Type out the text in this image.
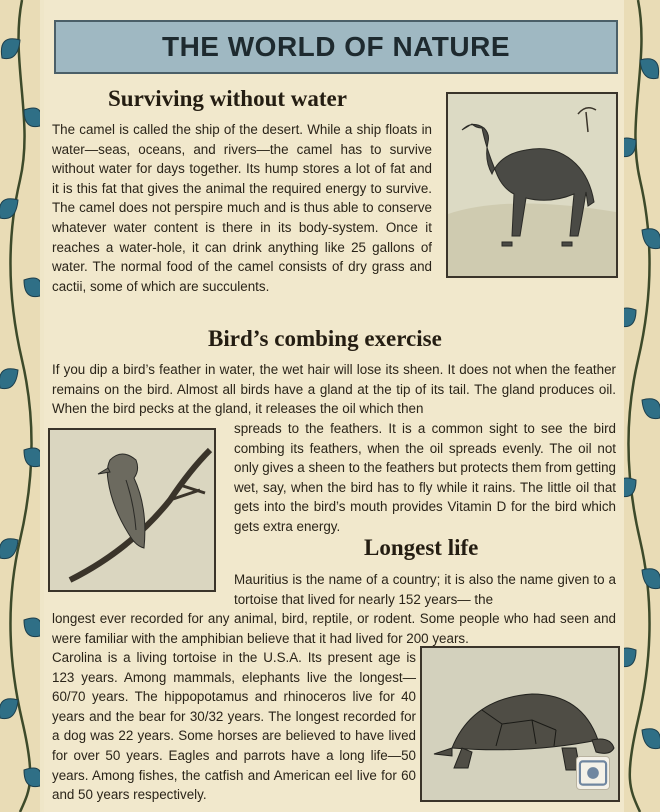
THE WORLD OF NATURE
Surviving without water

The camel is called the ship of the desert. While a ship floats in water—seas, oceans, and rivers—the camel has to survive without water for days together. Its hump stores a lot of fat and it is this fat that gives the animal the required energy to survive. The camel does not perspire much and is thus able to conserve whatever water content is there in its body-system. Once it reaches a water-hole, it can drink anything like 25 gallons of water. The normal food of the camel consists of dry grass and cactii, some of which are succulents.

Bird’s combing exercise

If you dip a bird’s feather in water, the wet hair will lose its sheen. It does not when the feather remains on the bird. Almost all birds have a gland at the tip of its tail. The gland produces oil. When the bird pecks at the gland, it releases the oil which then

spreads to the feathers. It is a common sight to see the bird combing its feathers, when the oil spreads evenly. The oil not only gives a sheen to the feathers but protects them from getting wet, say, when the bird has to fly while it rains. The little oil that gets into the bird’s mouth provides Vitamin D for the bird which gets extra energy.

Longest life

Mauritius is the name of a country; it is also the name given to a tortoise that lived for nearly 152 years— the

longest ever recorded for any animal, bird, reptile, or rodent. Some people who had seen and were familiar with the amphibian believe that it had lived for 200 years.

Carolina is a living tortoise in the U.S.A. Its present age is 123 years. Among mammals, elephants live the longest—60/70 years. The hippopotamus and rhinoceros live for 40 years and the bear for 30/32 years. The longest recorded for a dog was 22 years. Some horses are believed to have lived for over 50 years. Eagles and parrots have a long life—50 years. Among fishes, the catfish and American eel live for 60 and 50 years respectively.
